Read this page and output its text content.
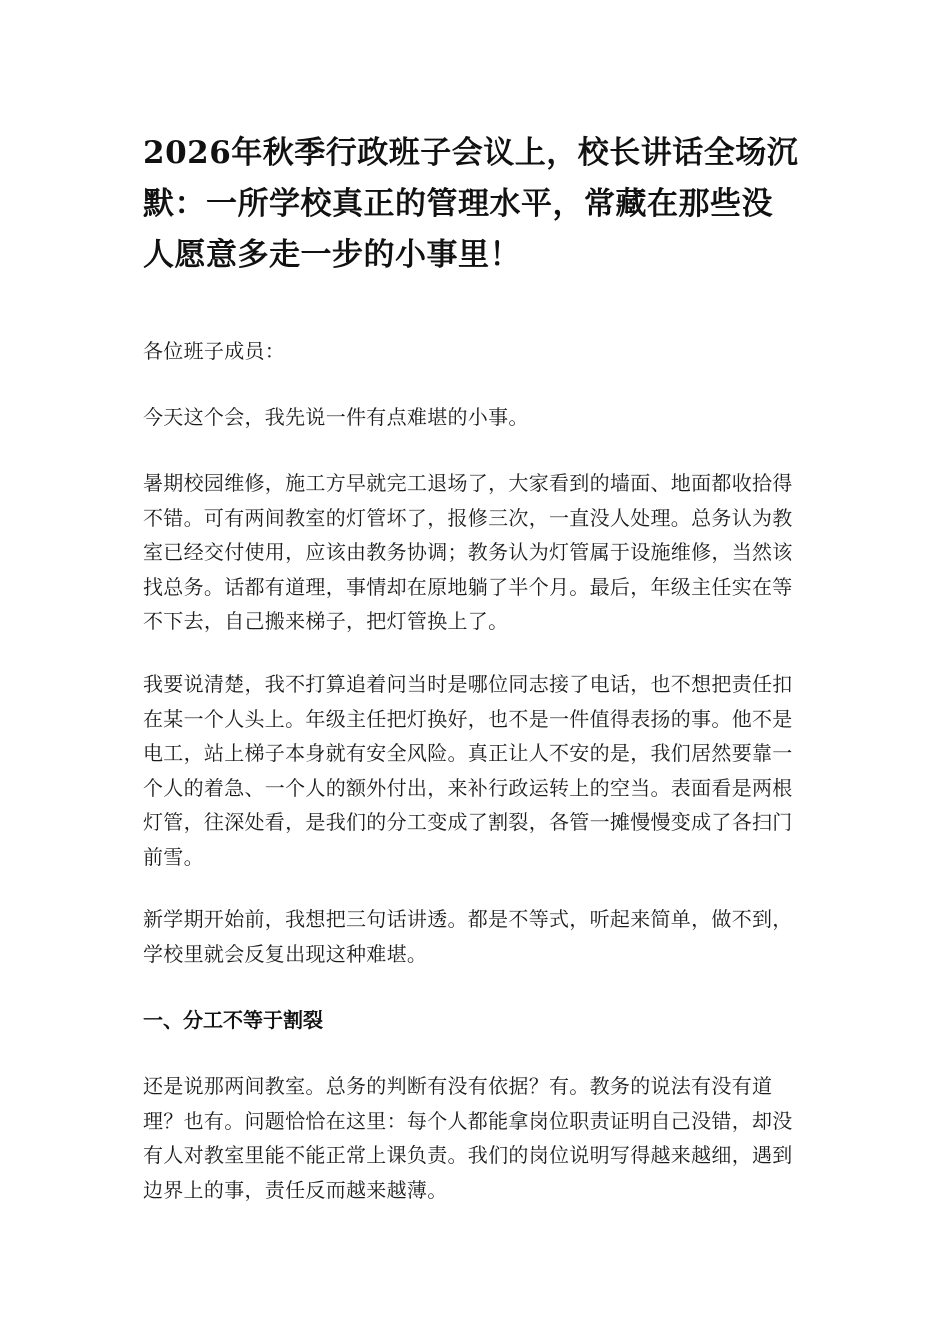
2026年秋季行政班子会议上，校长讲话全场沉默：一所学校真正的管理水平，常藏在那些没人愿意多走一步的小事里！

各位班子成员：

今天这个会，我先说一件有点难堪的小事。

暑期校园维修，施工方早就完工退场了，大家看到的墙面、地面都收拾得不错。可有两间教室的灯管坏了，报修三次，一直没人处理。总务认为教室已经交付使用，应该由教务协调；教务认为灯管属于设施维修，当然该找总务。话都有道理，事情却在原地躺了半个月。最后，年级主任实在等不下去，自己搬来梯子，把灯管换上了。

我要说清楚，我不打算追着问当时是哪位同志接了电话，也不想把责任扣在某一个人头上。年级主任把灯换好，也不是一件值得表扬的事。他不是电工，站上梯子本身就有安全风险。真正让人不安的是，我们居然要靠一个人的着急、一个人的额外付出，来补行政运转上的空当。表面看是两根灯管，往深处看，是我们的分工变成了割裂，各管一摊慢慢变成了各扫门前雪。

新学期开始前，我想把三句话讲透。都是不等式，听起来简单，做不到，学校里就会反复出现这种难堪。

一、分工不等于割裂

还是说那两间教室。总务的判断有没有依据？有。教务的说法有没有道理？也有。问题恰恰在这里：每个人都能拿岗位职责证明自己没错，却没有人对教室里能不能正常上课负责。我们的岗位说明写得越来越细，遇到边界上的事，责任反而越来越薄。
